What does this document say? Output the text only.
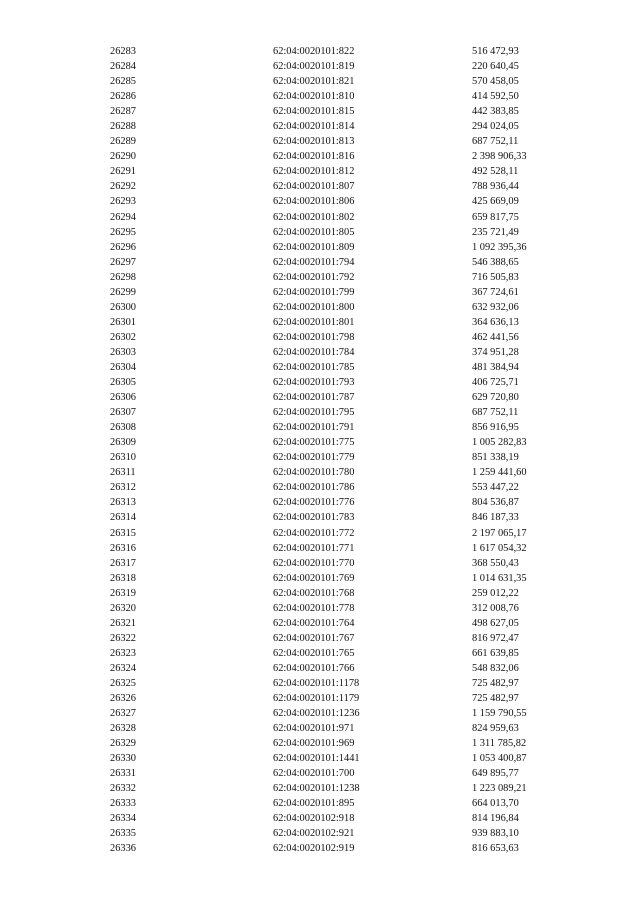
26283	62:04:0020101:822	516 472,93
26284	62:04:0020101:819	220 640,45
26285	62:04:0020101:821	570 458,05
26286	62:04:0020101:810	414 592,50
26287	62:04:0020101:815	442 383,85
26288	62:04:0020101:814	294 024,05
26289	62:04:0020101:813	687 752,11
26290	62:04:0020101:816	2 398 906,33
26291	62:04:0020101:812	492 528,11
26292	62:04:0020101:807	788 936,44
26293	62:04:0020101:806	425 669,09
26294	62:04:0020101:802	659 817,75
26295	62:04:0020101:805	235 721,49
26296	62:04:0020101:809	1 092 395,36
26297	62:04:0020101:794	546 388,65
26298	62:04:0020101:792	716 505,83
26299	62:04:0020101:799	367 724,61
26300	62:04:0020101:800	632 932,06
26301	62:04:0020101:801	364 636,13
26302	62:04:0020101:798	462 441,56
26303	62:04:0020101:784	374 951,28
26304	62:04:0020101:785	481 384,94
26305	62:04:0020101:793	406 725,71
26306	62:04:0020101:787	629 720,80
26307	62:04:0020101:795	687 752,11
26308	62:04:0020101:791	856 916,95
26309	62:04:0020101:775	1 005 282,83
26310	62:04:0020101:779	851 338,19
26311	62:04:0020101:780	1 259 441,60
26312	62:04:0020101:786	553 447,22
26313	62:04:0020101:776	804 536,87
26314	62:04:0020101:783	846 187,33
26315	62:04:0020101:772	2 197 065,17
26316	62:04:0020101:771	1 617 054,32
26317	62:04:0020101:770	368 550,43
26318	62:04:0020101:769	1 014 631,35
26319	62:04:0020101:768	259 012,22
26320	62:04:0020101:778	312 008,76
26321	62:04:0020101:764	498 627,05
26322	62:04:0020101:767	816 972,47
26323	62:04:0020101:765	661 639,85
26324	62:04:0020101:766	548 832,06
26325	62:04:0020101:1178	725 482,97
26326	62:04:0020101:1179	725 482,97
26327	62:04:0020101:1236	1 159 790,55
26328	62:04:0020101:971	824 959,63
26329	62:04:0020101:969	1 311 785,82
26330	62:04:0020101:1441	1 053 400,87
26331	62:04:0020101:700	649 895,77
26332	62:04:0020101:1238	1 223 089,21
26333	62:04:0020101:895	664 013,70
26334	62:04:0020102:918	814 196,84
26335	62:04:0020102:921	939 883,10
26336	62:04:0020102:919	816 653,63
